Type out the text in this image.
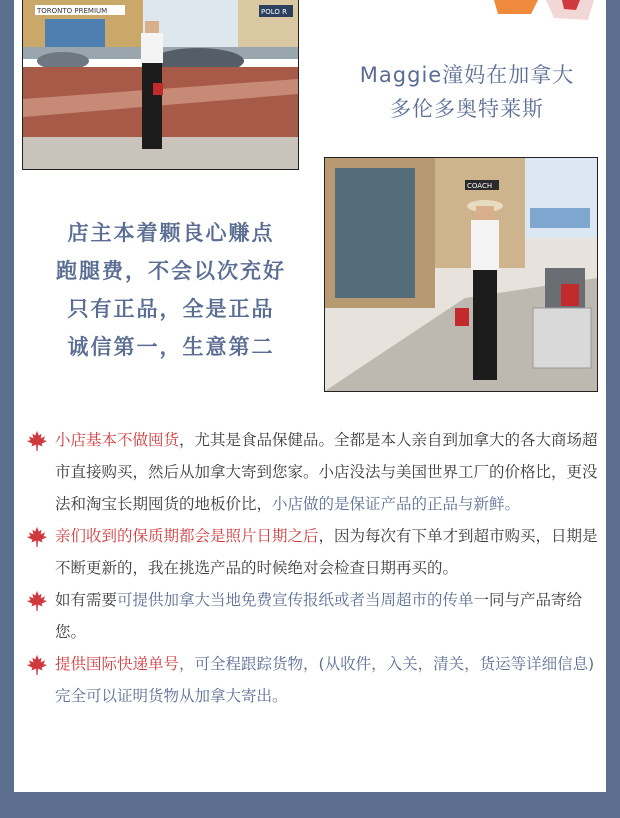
TORONTO PREMIUM	POLO R
Maggie潼妈在加拿大
多伦多奥特莱斯
店主本着颗良心赚点
跑腿费，不会以次充好
只有正品，全是正品
诚信第一，生意第二
COACH

小店基本不做囤货，尤其是食品保健品。全都是本人亲自到加拿大的各大商场超市直接购买，然后从加拿大寄到您家。小店没法与美国世界工厂的价格比，更没法和淘宝长期囤货的地板价比，小店做的是保证产品的正品与新鲜。

亲们收到的保质期都会是照片日期之后，因为每次有下单才到超市购买，日期是不断更新的，我在挑选产品的时候绝对会检查日期再买的。

如有需要可提供加拿大当地免费宣传报纸或者当周超市的传单一同与产品寄给您。

提供国际快递单号，可全程跟踪货物，(从收件，入关，清关，货运等详细信息)完全可以证明货物从加拿大寄出。
